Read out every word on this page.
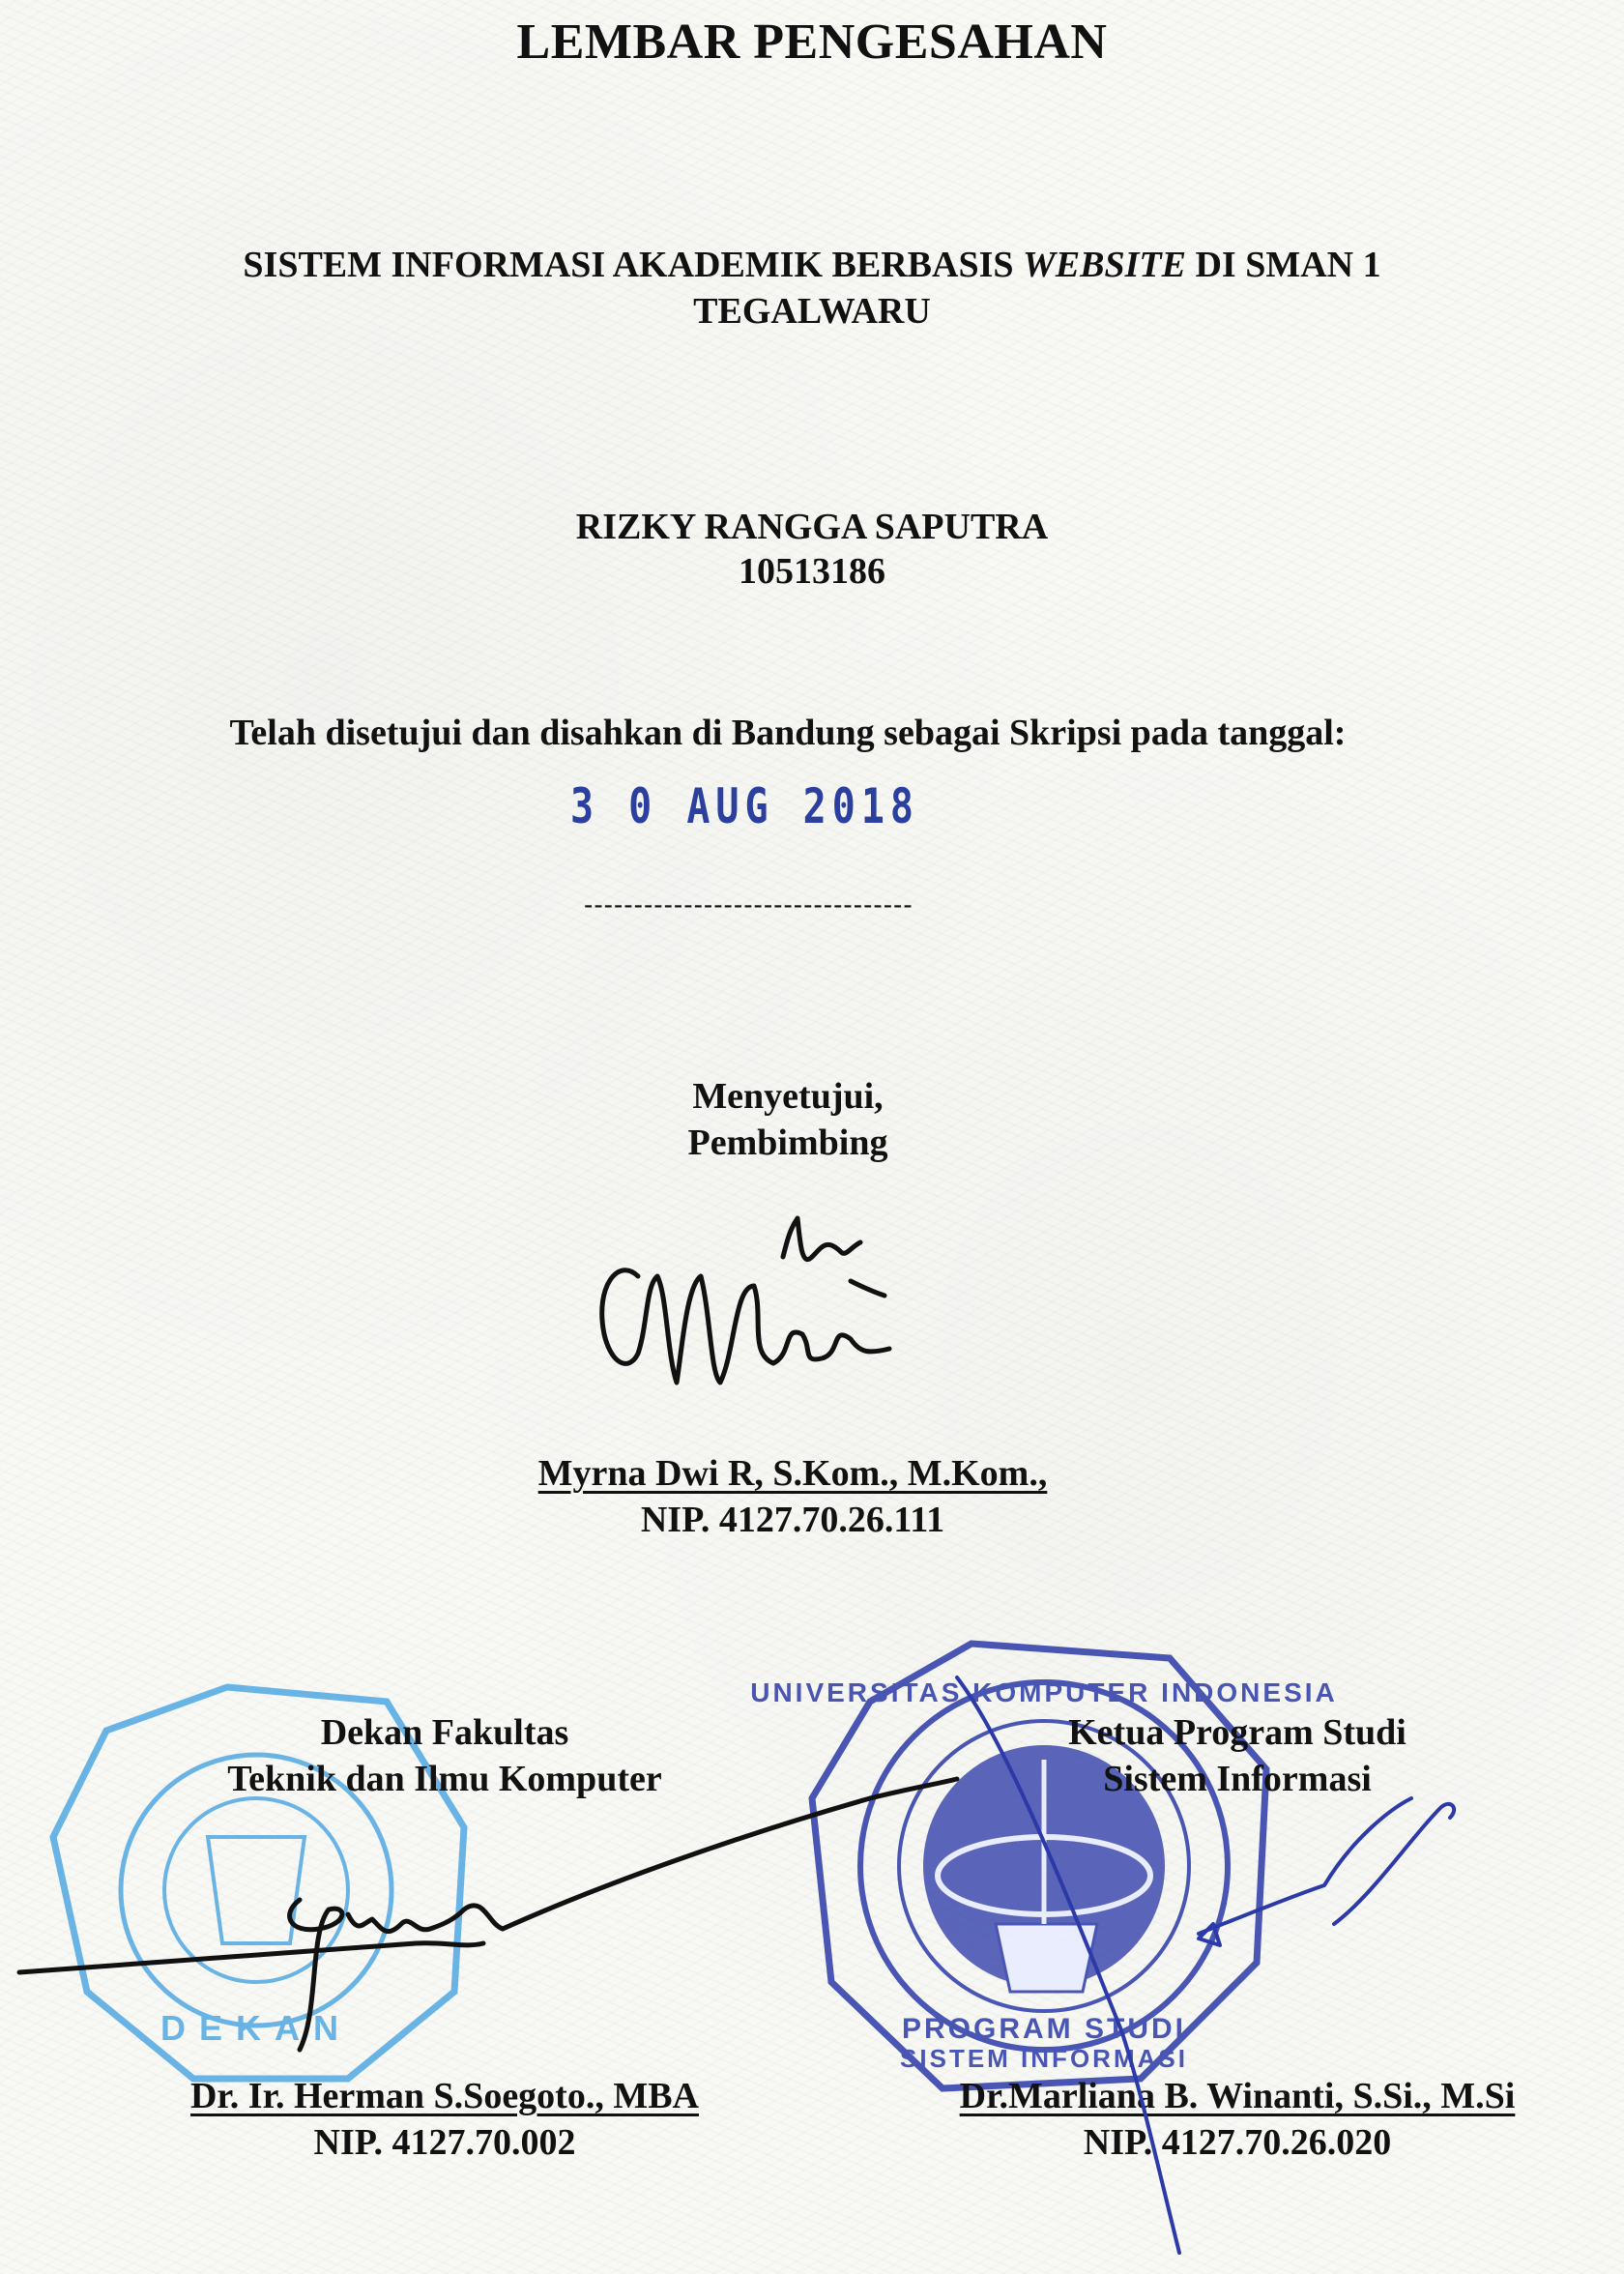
DEKAN	PROGRAM STUDI
SISTEM INFORMASI
UNIVERSITAS KOMPUTER INDONESIA
LEMBAR PENGESAHAN
SISTEM INFORMASI AKADEMIK BERBASIS WEBSITE DI SMAN 1
TEGALWARU
RIZKY RANGGA SAPUTRA
10513186
Telah disetujui dan disahkan di Bandung sebagai Skripsi pada tanggal:
3 0 AUG 2018
---------------------------------
Menyetujui,
Pembimbing
Myrna Dwi R, S.Kom., M.Kom.,
NIP. 4127.70.26.111
Dekan Fakultas
Teknik dan Ilmu Komputer
Ketua Program Studi
Sistem Informasi
Dr. Ir. Herman S.Soegoto., MBA
NIP. 4127.70.002
Dr.Marliana B. Winanti, S.Si., M.Si
NIP. 4127.70.26.020
